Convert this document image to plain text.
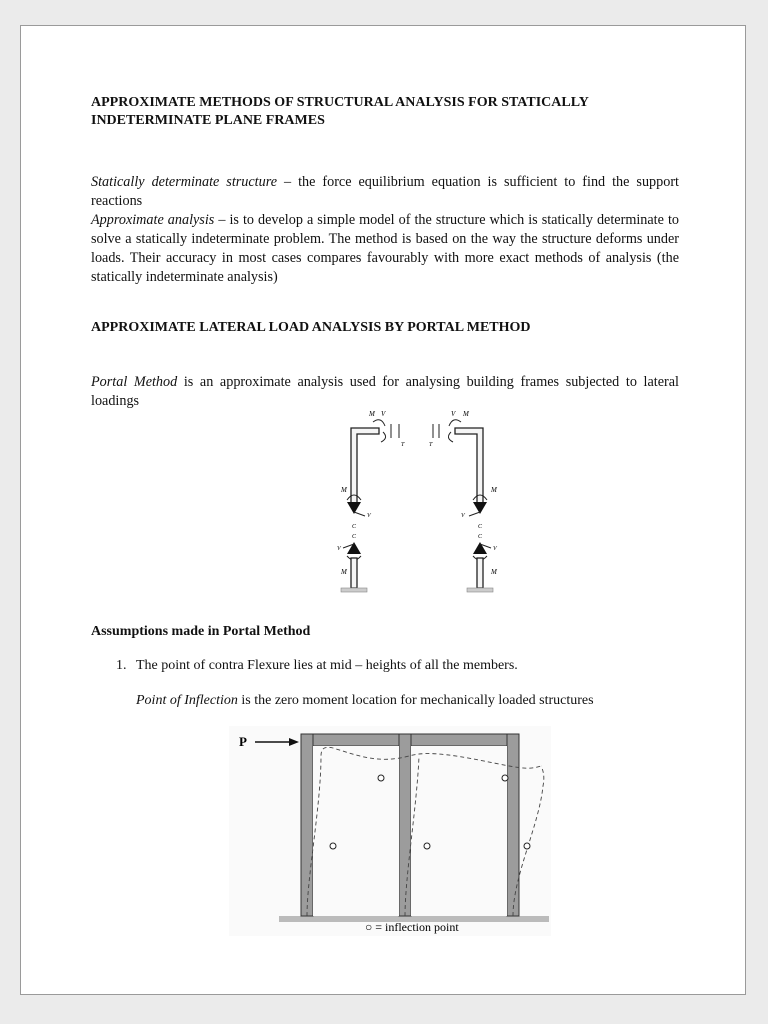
APPROXIMATE METHODS OF STRUCTURAL ANALYSIS FOR STATICALLY
INDETERMINATE PLANE FRAMES

Statically determinate structure – the force equilibrium equation is sufficient to find the support reactions

Approximate analysis – is to develop a simple model of the structure which is statically determinate to solve a statically indeterminate problem. The method is based on the way the structure deforms under loads. Their accuracy in most cases compares favourably with more exact methods of analysis (the statically indeterminate analysis)

APPROXIMATE LATERAL LOAD ANALYSIS BY PORTAL METHOD

Portal Method is an approximate analysis used for analysing building frames subjected to lateral loadings

M V	V M
T	T
M	M
V	V
C	C
C	C
V	V
M	M
Assumptions made in Portal Method
1. The point of contra Flexure lies at mid – heights of all the members.
Point of Inflection is the zero moment location for mechanically loaded structures
P
○ = inflection point
